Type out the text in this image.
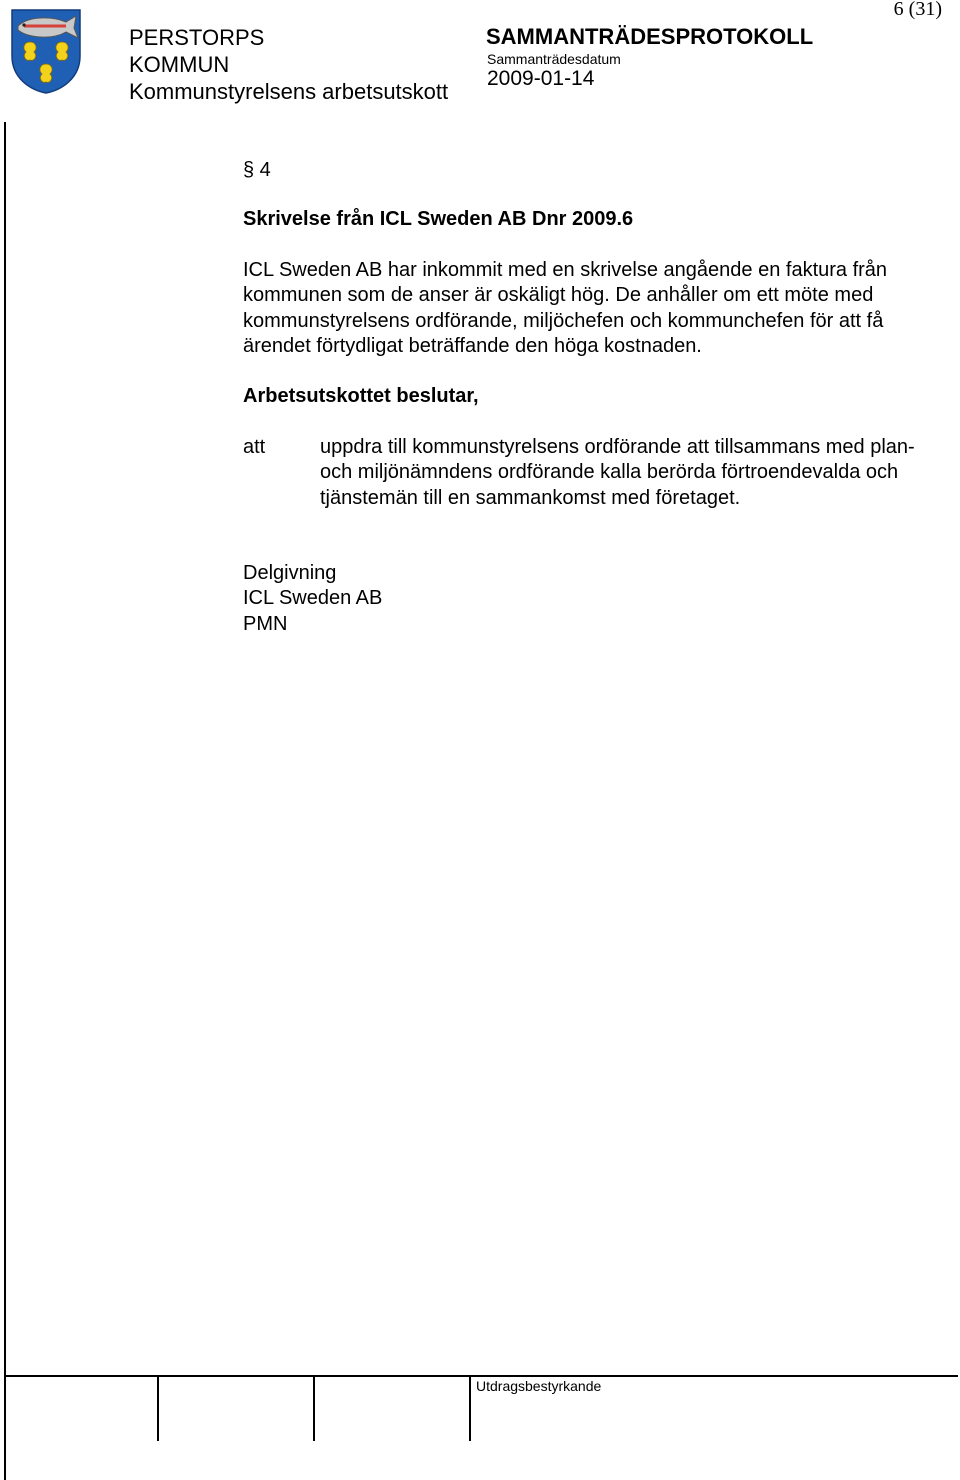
6 (31)
PERSTORPS
KOMMUN
Kommunstyrelsens arbetsutskott
SAMMANTRÄDESPROTOKOLL
Sammanträdesdatum
2009-01-14
§ 4
Skrivelse från ICL Sweden AB Dnr 2009.6
ICL Sweden AB har inkommit med en skrivelse angående en faktura från kommunen som de anser är oskäligt hög. De anhåller om ett möte med kommunstyrelsens ordförande, miljöchefen och kommunchefen för att få ärendet förtydligat beträffande den höga kostnaden.
Arbetsutskottet beslutar,
att	uppdra till kommunstyrelsens ordförande att tillsammans med plan- och miljönämndens ordförande kalla berörda förtroendevalda och tjänstemän till en sammankomst med företaget.
Delgivning
ICL Sweden AB
PMN
Utdragsbestyrkande
